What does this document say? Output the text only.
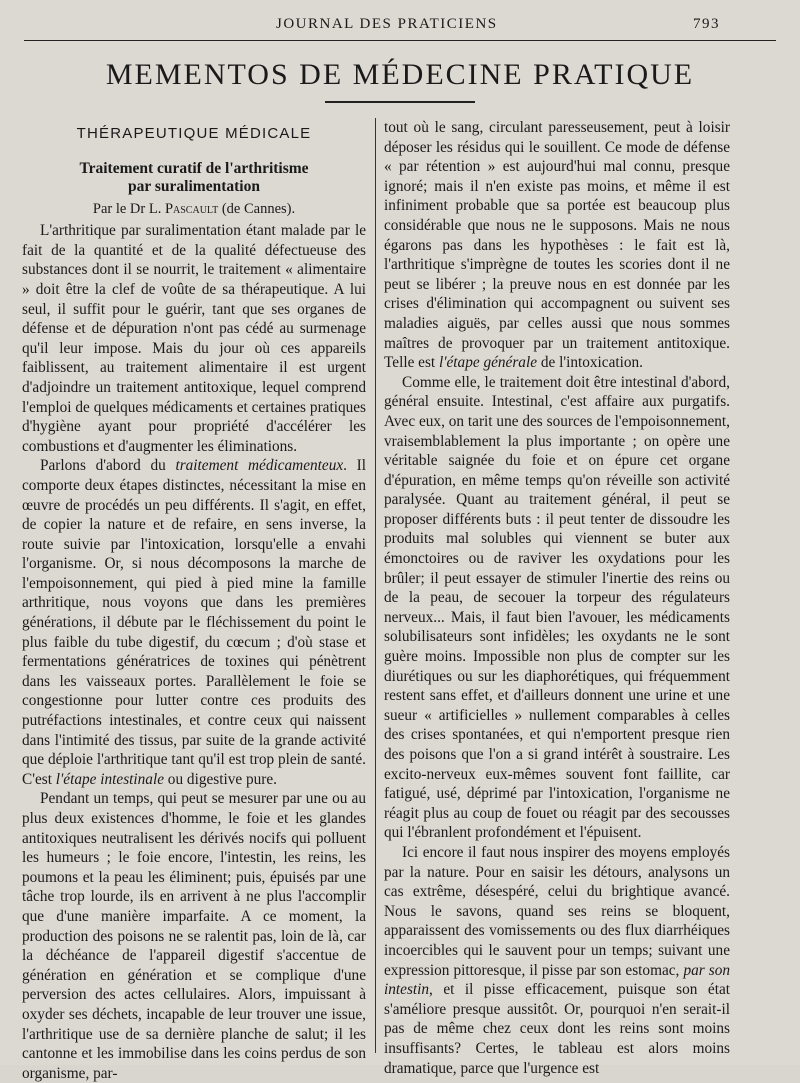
JOURNAL DES PRATICIENS	793
MEMENTOS DE MÉDECINE PRATIQUE
THÉRAPEUTIQUE MÉDICALE
Traitement curatif de l'arthritisme
par suralimentation
Par le Dr L. Pascault (de Cannes).

L'arthritique par suralimentation étant malade par le fait de la quantité et de la qualité défectueuse des substances dont il se nourrit, le traitement « alimentaire » doit être la clef de voûte de sa thérapeutique. A lui seul, il suffit pour le guérir, tant que ses organes de défense et de dépuration n'ont pas cédé au surmenage qu'il leur impose. Mais du jour où ces appareils faiblissent, au traitement alimentaire il est urgent d'adjoindre un traitement antitoxique, lequel comprend l'emploi de quelques médicaments et certaines pratiques d'hygiène ayant pour propriété d'accélérer les combustions et d'augmenter les éliminations.

Parlons d'abord du traitement médicamenteux. Il comporte deux étapes distinctes, nécessitant la mise en œuvre de procédés un peu différents. Il s'agit, en effet, de copier la nature et de refaire, en sens inverse, la route suivie par l'intoxication, lorsqu'elle a envahi l'organisme. Or, si nous décomposons la marche de l'empoisonnement, qui pied à pied mine la famille arthritique, nous voyons que dans les premières générations, il débute par le fléchissement du point le plus faible du tube digestif, du cœcum ; d'où stase et fermentations génératrices de toxines qui pénètrent dans les vaisseaux portes. Parallèlement le foie se congestionne pour lutter contre ces produits des putréfactions intestinales, et contre ceux qui naissent dans l'intimité des tissus, par suite de la grande activité que déploie l'arthritique tant qu'il est trop plein de santé. C'est l'étape intestinale ou digestive pure.

Pendant un temps, qui peut se mesurer par une ou au plus deux existences d'homme, le foie et les glandes antitoxiques neutralisent les dérivés nocifs qui polluent les humeurs ; le foie encore, l'intestin, les reins, les poumons et la peau les éliminent; puis, épuisés par une tâche trop lourde, ils en arrivent à ne plus l'accomplir que d'une manière imparfaite. A ce moment, la production des poisons ne se ralentit pas, loin de là, car la déchéance de l'appareil digestif s'accentue de génération en génération et se complique d'une perversion des actes cellulaires. Alors, impuissant à oxyder ses déchets, incapable de leur trouver une issue, l'arthritique use de sa dernière planche de salut; il les cantonne et les immobilise dans les coins perdus de son organisme, par-

tout où le sang, circulant paresseusement, peut à loisir déposer les résidus qui le souillent. Ce mode de défense « par rétention » est aujourd'hui mal connu, presque ignoré; mais il n'en existe pas moins, et même il est infiniment probable que sa portée est beaucoup plus considérable que nous ne le supposons. Mais ne nous égarons pas dans les hypothèses : le fait est là, l'arthritique s'imprègne de toutes les scories dont il ne peut se libérer ; la preuve nous en est donnée par les crises d'élimination qui accompagnent ou suivent ses maladies aiguës, par celles aussi que nous sommes maîtres de provoquer par un traitement antitoxique. Telle est l'étape générale de l'intoxication.

Comme elle, le traitement doit être intestinal d'abord, général ensuite. Intestinal, c'est affaire aux purgatifs. Avec eux, on tarit une des sources de l'empoisonnement, vraisemblablement la plus importante ; on opère une véritable saignée du foie et on épure cet organe d'épuration, en même temps qu'on réveille son activité paralysée. Quant au traitement général, il peut se proposer différents buts : il peut tenter de dissoudre les produits mal solubles qui viennent se buter aux émonctoires ou de raviver les oxydations pour les brûler; il peut essayer de stimuler l'inertie des reins ou de la peau, de secouer la torpeur des régulateurs nerveux... Mais, il faut bien l'avouer, les médicaments solubilisateurs sont infidèles; les oxydants ne le sont guère moins. Impossible non plus de compter sur les diurétiques ou sur les diaphorétiques, qui fréquemment restent sans effet, et d'ailleurs donnent une urine et une sueur « artificielles » nullement comparables à celles des crises spontanées, et qui n'emportent presque rien des poisons que l'on a si grand intérêt à soustraire. Les excito-nerveux eux-mêmes souvent font faillite, car fatigué, usé, déprimé par l'intoxication, l'organisme ne réagit plus au coup de fouet ou réagit par des secousses qui l'ébranlent profondément et l'épuisent.

Ici encore il faut nous inspirer des moyens employés par la nature. Pour en saisir les détours, analysons un cas extrême, désespéré, celui du brightique avancé. Nous le savons, quand ses reins se bloquent, apparaissent des vomissements ou des flux diarrhéiques incoercibles qui le sauvent pour un temps; suivant une expression pittoresque, il pisse par son estomac, par son intestin, et il pisse efficacement, puisque son état s'améliore presque aussitôt. Or, pourquoi n'en serait-il pas de même chez ceux dont les reins sont moins insuffisants? Certes, le tableau est alors moins dramatique, parce que l'urgence est
